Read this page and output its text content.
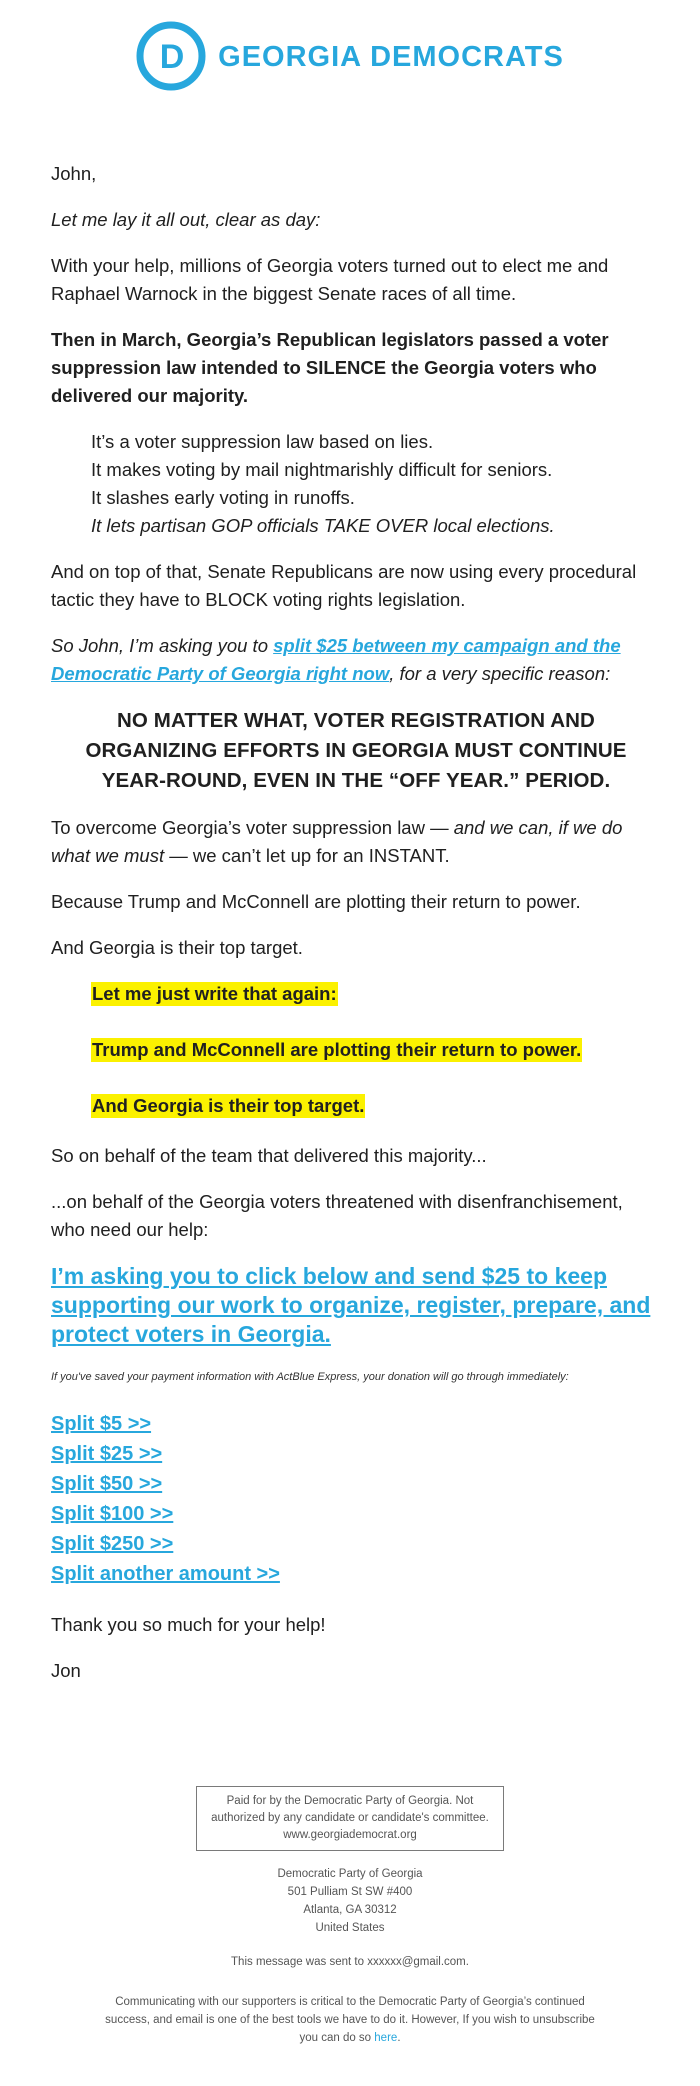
D GEORGIA DEMOCRATS

John,

Let me lay it all out, clear as day:

With your help, millions of Georgia voters turned out to elect me and Raphael Warnock in the biggest Senate races of all time.

Then in March, Georgia’s Republican legislators passed a voter suppression law intended to SILENCE the Georgia voters who delivered our majority.

It’s a voter suppression law based on lies.
It makes voting by mail nightmarishly difficult for seniors.
It slashes early voting in runoffs.
It lets partisan GOP officials TAKE OVER local elections.

And on top of that, Senate Republicans are now using every procedural tactic they have to BLOCK voting rights legislation.

So John, I’m asking you to split $25 between my campaign and the Democratic Party of Georgia right now, for a very specific reason:

NO MATTER WHAT, VOTER REGISTRATION AND ORGANIZING EFFORTS IN GEORGIA MUST CONTINUE YEAR-ROUND, EVEN IN THE “OFF YEAR.” PERIOD.

To overcome Georgia’s voter suppression law — and we can, if we do what we must — we can’t let up for an INSTANT.

Because Trump and McConnell are plotting their return to power.

And Georgia is their top target.

Let me just write that again:
Trump and McConnell are plotting their return to power.
And Georgia is their top target.

So on behalf of the team that delivered this majority...

...on behalf of the Georgia voters threatened with disenfranchisement, who need our help:

I’m asking you to click below and send $25 to keep supporting our work to organize, register, prepare, and protect voters in Georgia.
If you've saved your payment information with ActBlue Express, your donation will go through immediately:
Split $5 >>
Split $25 >>
Split $50 >>
Split $100 >>
Split $250 >>
Split another amount >>

Thank you so much for your help!

Jon

Paid for by the Democratic Party of Georgia. Not authorized by any candidate or candidate's committee. www.georgiademocrat.org
Democratic Party of Georgia
501 Pulliam St SW #400
Atlanta, GA 30312
United States
This message was sent to xxxxxx@gmail.com.
Communicating with our supporters is critical to the Democratic Party of Georgia’s continued success, and email is one of the best tools we have to do it. However, If you wish to unsubscribe you can do so here.
